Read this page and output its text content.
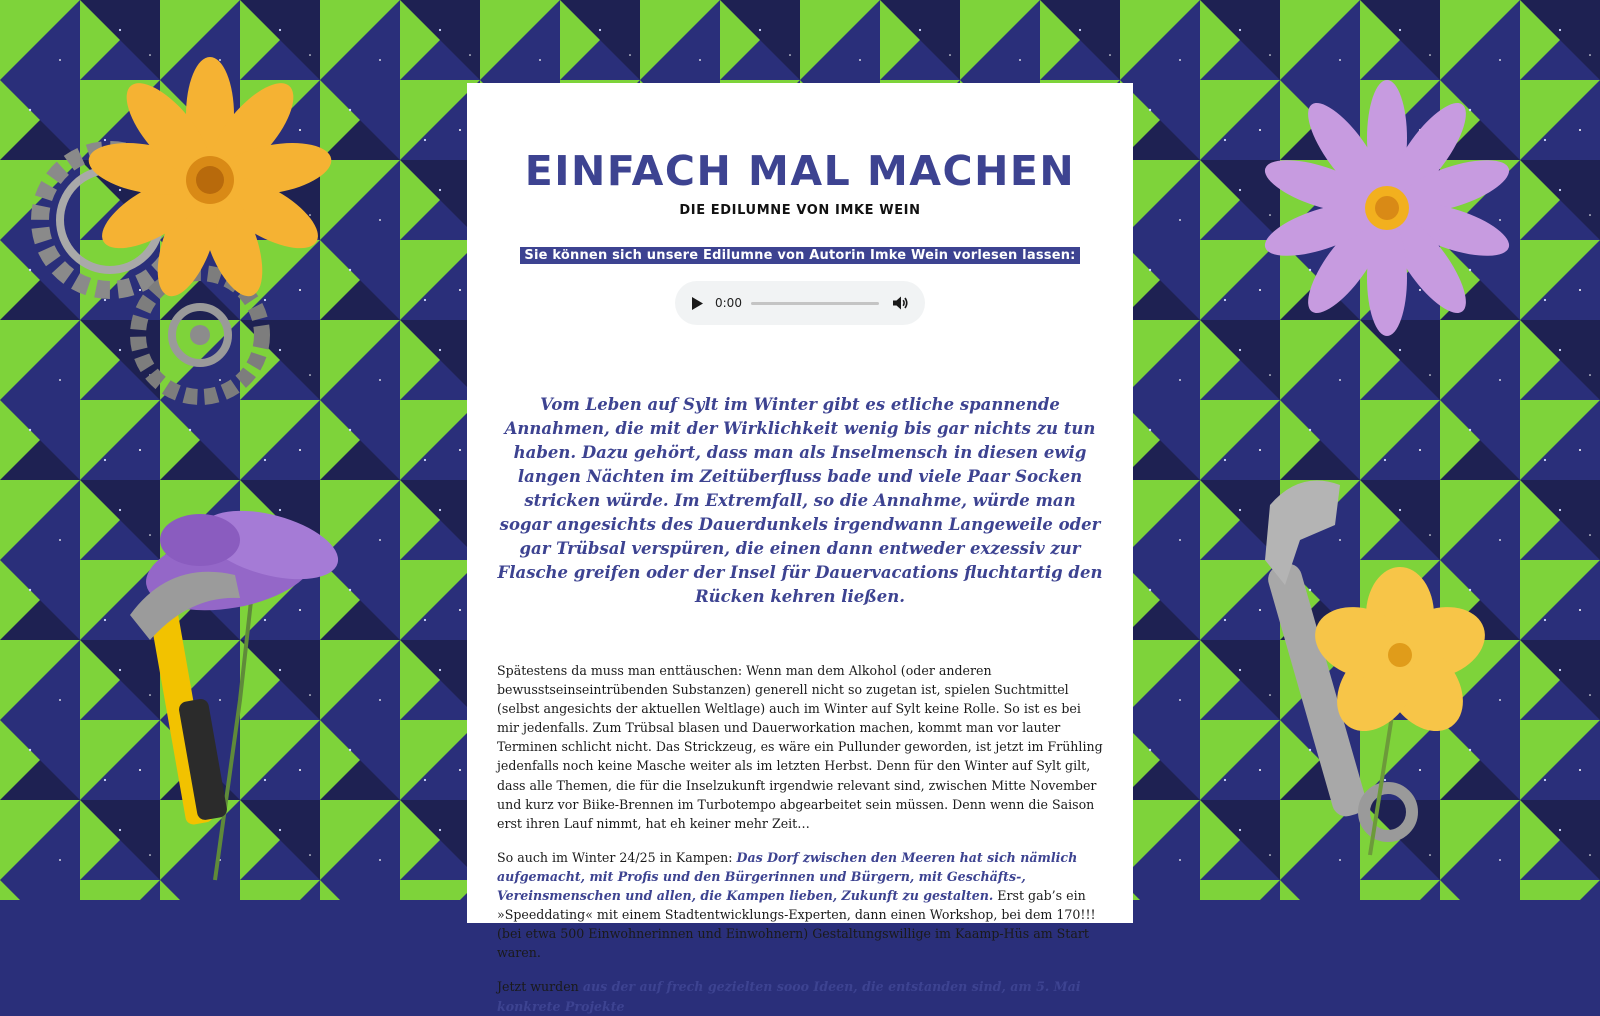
EINFACH MAL MACHEN
DIE EDILUMNE VON IMKE WEIN
Sie können sich unsere Edilumne von Autorin Imke Wein vorlesen lassen:
0:00

Vom Leben auf Sylt im Winter gibt es etliche spannende Annahmen, die mit der Wirklichkeit wenig bis gar nichts zu tun haben. Dazu gehört, dass man als Inselmensch in diesen ewig langen Nächten im Zeitüberfluss bade und viele Paar Socken stricken würde. Im Extremfall, so die Annahme, würde man sogar angesichts des Dauerdunkels irgendwann Langeweile oder gar Trübsal verspüren, die einen dann entweder exzessiv zur Flasche greifen oder der Insel für Dauervacations fluchtartig den Rücken kehren ließen.

Spätestens da muss man enttäuschen: Wenn man dem Alkohol (oder anderen bewusstseinseintrübenden Substanzen) generell nicht so zugetan ist, spielen Suchtmittel (selbst angesichts der aktuellen Weltlage) auch im Winter auf Sylt keine Rolle. So ist es bei mir jedenfalls. Zum Trübsal blasen und Dauerworkation machen, kommt man vor lauter Terminen schlicht nicht. Das Strickzeug, es wäre ein Pullunder geworden, ist jetzt im Frühling jedenfalls noch keine Masche weiter als im letzten Herbst. Denn für den Winter auf Sylt gilt, dass alle Themen, die für die Inselzukunft irgendwie relevant sind, zwischen Mitte November und kurz vor Biike-Brennen im Turbotempo abgearbeitet sein müssen. Denn wenn die Saison erst ihren Lauf nimmt, hat eh keiner mehr Zeit…

So auch im Winter 24/25 in Kampen: Das Dorf zwischen den Meeren hat sich nämlich aufgemacht, mit Profis und den Bürgerinnen und Bürgern, mit Geschäfts-, Vereinsmenschen und allen, die Kampen lieben, Zukunft zu gestalten. Erst gab’s ein »Speeddating« mit einem Stadtentwicklungs-Experten, dann einen Workshop, bei dem 170!!! (bei etwa 500 Einwohnerinnen und Einwohnern) Gestaltungswillige im Kaamp-Hüs am Start waren.

Jetzt wurden aus der auf frech gezielten sooo Ideen, die entstanden sind, am 5. Mai konkrete Projekte
